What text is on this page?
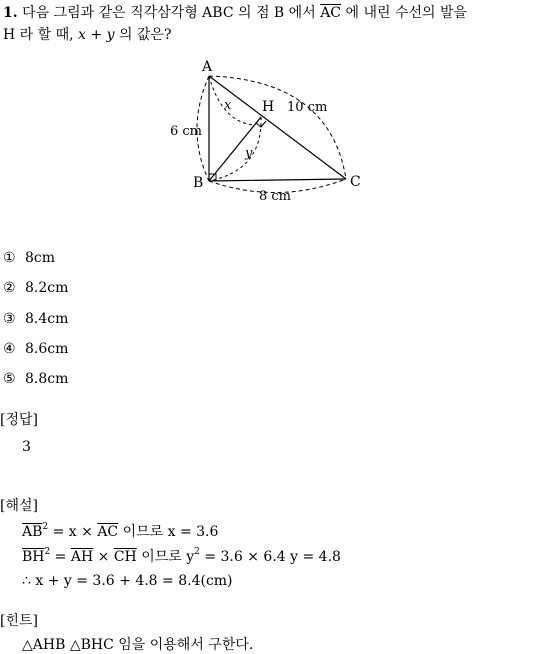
1. 다음 그림과 같은 직각삼각형 ABC 의 점 B 에서 $\overline{AC}$ 에 내린 수선의 발을
H 라 할 때, x + y 의 값은?
A
B	C
H
x
y
6 cm
10 cm
8 cm
① 8cm
② 8.2cm
③ 8.4cm
④ 8.6cm
⑤ 8.8cm
[정답]
3
[해설]
$\overline{AB}^2 = x \times \overline{AC}$ 이므로 x = 3.6
$\overline{BH}^2 = \overline{AH} \times \overline{CH}$ 이므로 $y^2 = 3.6 \times 6.4$ y = 4.8
∴ x + y = 3.6 + 4.8 = 8.4(cm)
[힌트]
△AHB △BHC 임을 이용해서 구한다.
